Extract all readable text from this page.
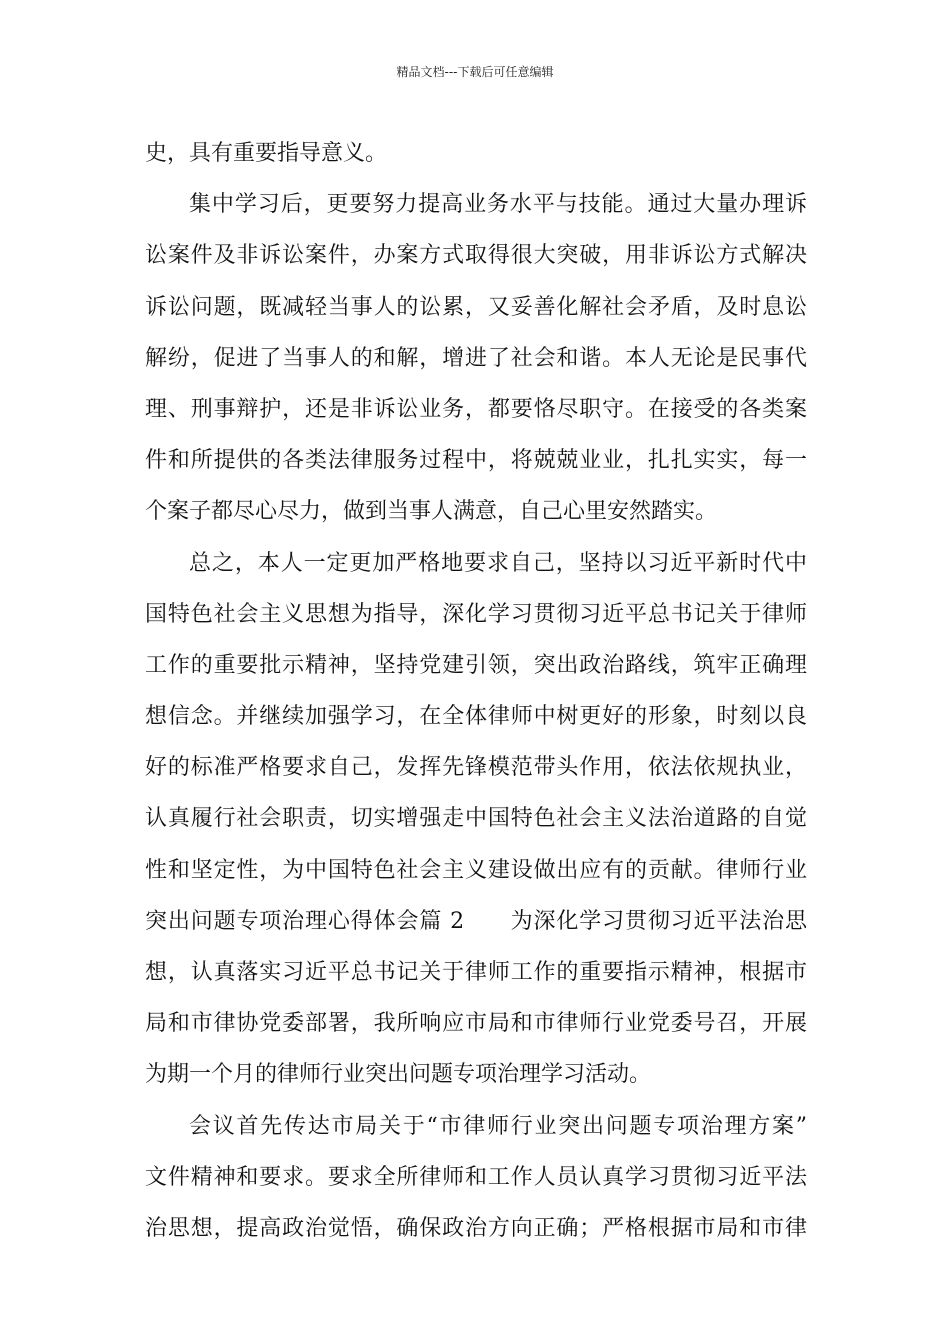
精品文档---下载后可任意编辑
史，具有重要指导意义。
集中学习后，更要努力提高业务水平与技能。通过大量办理诉
讼案件及非诉讼案件，办案方式取得很大突破，用非诉讼方式解决
诉讼问题，既减轻当事人的讼累，又妥善化解社会矛盾，及时息讼
解纷，促进了当事人的和解，增进了社会和谐。本人无论是民事代
理、刑事辩护，还是非诉讼业务，都要恪尽职守。在接受的各类案
件和所提供的各类法律服务过程中，将兢兢业业，扎扎实实，每一
个案子都尽心尽力，做到当事人满意，自己心里安然踏实。
总之，本人一定更加严格地要求自己，坚持以习近平新时代中
国特色社会主义思想为指导，深化学习贯彻习近平总书记关于律师
工作的重要批示精神，坚持党建引领，突出政治路线，筑牢正确理
想信念。并继续加强学习，在全体律师中树更好的形象，时刻以良
好的标准严格要求自己，发挥先锋模范带头作用，依法依规执业，
认真履行社会职责，切实增强走中国特色社会主义法治道路的自觉
性和坚定性，为中国特色社会主义建设做出应有的贡献。律师行业
突出问题专项治理心得体会篇 2　　为深化学习贯彻习近平法治思
想，认真落实习近平总书记关于律师工作的重要指示精神，根据市
局和市律协党委部署，我所响应市局和市律师行业党委号召，开展
为期一个月的律师行业突出问题专项治理学习活动。
会议首先传达市局关于“市律师行业突出问题专项治理方案”
文件精神和要求。要求全所律师和工作人员认真学习贯彻习近平法
治思想，提高政治觉悟，确保政治方向正确；严格根据市局和市律
